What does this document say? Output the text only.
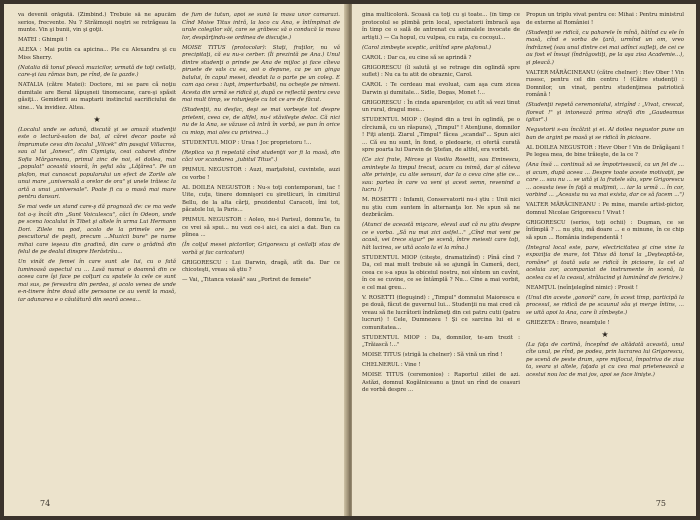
va devenii orăgută. (Zimbind.) Trebuie să ne apucăm serios, frecvente. Nu ? Străimoşii noştri se retrăgeau la munte. Vin şi bunii, vin şi goţii.

MATEI : Ghimpii !

ALEXA : Mai putin ca apicina... Ple cu Alexandru şi cu Miss Sherry.

(Natalia dă tonul pleacă muzicilor, urmată de toţi ceilalţi, care-şi iau rămas bun, pe rînd, de la gazde.)

NATALIA (către Matei): Doctore, mi se pare că noţiu dumitale are Beral lăpuşneii tinomecane, care-şi spăsit găsiţi... Gemiderii au maptarii instinctul sacrificiului de sine... Va invidiez. Altea.

★

(Localul unde se adună, discută şi se amuză studenţii este o lectură-salon de bal, al cărei decor poate să împrumute ceva din localul „Vilcek" din pasajul Villacros, sau al lui „Ionesc", din Cişmigiu, ceai cabaret dintre Sofia Mărgareanu, primul zinc de noi, el doilea, mai „populat" această vioară, în şeful său „Lăţărea". Pe un plafon, mai cunoscut popularului un efect de Zorile ale unui mare „universală a orelor de ora" şi unele trăiesc la artă a unui „universale". Poate fi cu o masă mai mare pentru dansuri.

Se mai vede un stand care-ş dă prognoză de: ce ma vede tot a-ş încât din „Sunt Voiculescu", căci în Odeon, unde pe scena localului în Tibet şi altele în urma Lui Hermann Dori. Zilele nu pod, acolo de la primele ore pe pescuitorul de peşti, precum ...Muzicii bure" pe nume mihai care ieşeau din gradină, din care o grădină din felul de pe dealul dinspre Herăstrău...

Un vinăt de femei în care sunt ale lui, cu o fată luminoasă aspectul cu ... Lasă numai o doamnă din ce aceea care îşi face pe colţuri cu spatele la cele ce sunt mai sus, pe fereastra din perdea, şi acolo venea de unde e-n-tinere între două alte persoane ce au venit la masă, iar adunarea e o căutătură din seară aceea...

de fum de tutun, apoi se sună la masa unor camarazi. Cînd Moise Titus intră, la loco cu Ana, e întîmpinat de urale colegilor săi, care se grăbesc să o conducă la masa lor, despărţindu-se ordinea de discuţie.)

MOISE TITUS (protocolar): Staţi, fraţilor, nu vă precipitaţi, că eu nu-s cerber. (Îi prezintă pe Ana.) Unul dintre studenţi o prinde pe Ana de mijloc şi face cîteva piruete de vals cu ea, aoi o depune, ca pe un ginga balului, în capul mesei, deodat la o parte pe un coleg. E cam aşa ceva : lupt, imperturbabil, nu ocheşte pe nimeni. Acesta din urmă se ridică şi, după ce reflectă pentru ceva mai mult timp, se rotunjeşte cu tot ce are de făcut.

(Studenţii, nu desfac, deşi se mai vorbeşte tot despre prieteni, ceea ce, de altfel, nu-i stăvileşte deloc. Că nici nu de la Ana, se văzuse că intră în vorbă, se pun în orice cu miop, mai ales cu privirea...)

STUDENTUL MIOP : Uraa ! Joc proprietoru !...

(Replica va fi repetată cînd studenţii vor fi la masă, din căci vor scandarea „iubitul Titus".)

PRIMUL NEGUSTOR : Auzi, marţafoiul, cuvintele, auzi ce vorbe !

AL DOILEA NEGUSTOR : Nu-s toţi contemporani, tac ! Uite, cuţu, tinere domnişori cu şiretlicuri, în cimitirul Bellu, de la alta cărţi, prezidentul Caracoti, îmi tot, păcatele lui, la Paris...

PRIMUL NEGUSTOR : Aoleo, nu-i Parisul, domnu'le, tu ce vrei să spui... nu vezi ce-i aici, ca aici a dat. Bun ca pîinea ...

(În colţul mesei pictorilor, Grigorescu şi ceilalţi stau de vorbă şi fac caricaturi)

GRIGORESCU : Lui Darwin, dragă, atît da. Dar ce chicoteşti, vreau să ştiu ?

— Vai, „Titanca voiasă" sau „Portret de femeie"

74

gina multicoloră. Scoasă ca toţi cu şi toate... (în timp ce protocolul se plimbă prin local, spectatorii îmbracă aşa în timp ce o sală de antrenat cu animalele invocate de artişti.) — Ca hopul, cu vulpea, cu raţa, cu cocoşul...

(Carol zimbeşte sceptic, arătînd spre plafonul.)

CAROL : Dar ca, eu cine să se aprindă ?

GRIGORESCU (îl salută şi se retrage din oglindă spre suflet) : Nu ca tu atit de obraznic, Carol.

CAROL : Te cerdeau mai evoluat, cam aşa cum zicea Darwin şi dumitale... Sidle, Degas, Monet !...

GRIGORESCU : În cinda aparenţelor, cu atît să vezi tinut un rural, dragul meu...

STUDENTUL MIOP : (Ieşind din a trei în oglindă, pe o cîrciumă, cu un răspuns), „Timpul" ! Atenţiune, domnilor ! Fiţi atenţi. Ziarul „Timpul" făcea „scandal"... Spun aici ... Că eu nu sunt, în fond, o pledoarie, ci ofertă curată spre poarta lui Darwin de Ştefan, de altfel, era vorbit.

(Ce zici frate, Mircea şi Vasilia Rosetti, sau Eminescu, aminteşte la timpul trecut, acum cu inimă, dar și câteva alte privinţe, cu alte sensuri, dar la o ceva cine știe ce... sau: partea în care va veni și acest semn, revenind a lucru !)

M. ROSETTI : Infamii, Conservatorii nu-i ştiu : Unii nici nu ştiu cum suntem în alternanţa lor. Ne spun să ne dezbrăcăm.

(Atunci de această mişcare, elevul aud că nu ştiu despre ce e vorba. „Să nu mai zici astfel..." „Cînd mai veni pe acasă, vei trece sigur" pe scenă, între meiesti care toţi, hăt lucirea, se uită acolo la ei la mîna.)

STUDENTUL MIOP (citeşte, dramatizînd) : Pînă cînd ? Da, cel mai mult trebuie să se ajungă în Cameră, deci, ceea ce s-a spus la obiceiul nostru, noi sîntem un cuvînt, în ce se cuvine, ce se întâmplă ? Nu... Cine a mai vorbit, e cel mai greu...

V. ROSETTI (fleguşind) : „Timpul" domnului Maiorescu e pe două, făcut de guvernul lui... Studenţii nu mai cred că vreau să fie lucrătorii îndrăzneţi din cei patru cutii (patru lucruri) ! Cele, Dumnezeu ! Şi ce sarcina lui ei e comunitatea...

STUDENTUL MIOP : Da, domnilor, te-am trezit : „Trăiască !..."

MOISE TITUS (strigă la chelner) : Să vină un rînd !

CHELNERUL : Vine !

MOISE TITUS (ceremonios) : Raportul ziilei de azi. Astăzi, domnul Kogălniceanu a ţinut un rînd de ceasuri de vorbă despre ...

Propun un triplu vivat pentru ce: Mihai : Pentru ministrul de externe al României !

(Studenţii se ridică, cu paharele în mînă, bătînd cu ele în masă, cînd e vorba de ţară, urmînd un om, vreo îndrăzneţ (sau unul dintre cei mai adînci sufleţi, de cei ce au fost el însuşi (îndrăgostiţi, pe la aşa zisa Academie...), şi pleacă.)

VALTER MĂRĂCINEANU (către chelner) : Hev Ober ! Vin rusesc, pentru cel din centru ! (Către studenţi) : Domnilor, un vinat, pentru studenţimea patriotică română !

(Studenţii repetă ceremonialul, strigînd : „Vivat, crescat, floreat !" şi intonează prima strofă din „Gaudeamus igitur".)

Negustorii s-au încălzit şi ei. Al doilea negustor pune un ban de argint pe masă şi se ridică în picioare.

AL DOILEA NEGUSTOR : Hevr Ober ! Vin de Drăgăşani ! Pe legea mea, de bine trăieşte, de la ce ?

(Ana însă ... continuă să se împotrivească, ca un fel de ... și acum, după aceea ... Despre toate aceste motivații, pe care ... sau nu ... se uită şi la fratele său, spre Grigorescu ... aceasta iese în faţă a mulţimii, ... iar la urmă ... în cor, vorbind ... „Aceasta nu va mai exista, dar ce să facem ...")

VALTER MĂRĂCINEANU : Pe mine, marele artist-pictor, domnul Nicolae Grigorescu ! Vivat !

GRIGORESCU (serios, toţi ochii) : Duşman, ce se întîmplă ? ... nu ştiu, mă doare ... e o minune, în ce chip să spun ... România independentă !

(Integral local este, pare, electricitatea şi cine vine la expoziţia de mare, tot Titus dă tonul la „Deşteaptă-te, române" şi toată sala se ridică în picioare, la cel al aceluia zor, acompaniat de instrumente în scenă, la acelea cu el la ceasul, strălucind şi luminând de fericire.)

NEAMŢUL (neînţelegînd nimic) : Prosit !

(Unul din aceste ,gonoră" care, în acest timp, participă la procesul, se ridică de pe scaunul său şi merge întins, ... se uită apoi la Ana, care îi zîmbeşte.)

GRIEZETA : Bravo, neamţule !

★

(La faţa de cortină, începînd de altădată această, unul cîte unul, pe rînd, pe podea, prin lucrarea lui Grigorescu, pe scenă de peste drum, spre mijlocul, împotriva de ziua ta, seara și altele, faţada şi cu cea mai prietenească a acestui nou loc de mai jos, apoi se face linişte.)

75
